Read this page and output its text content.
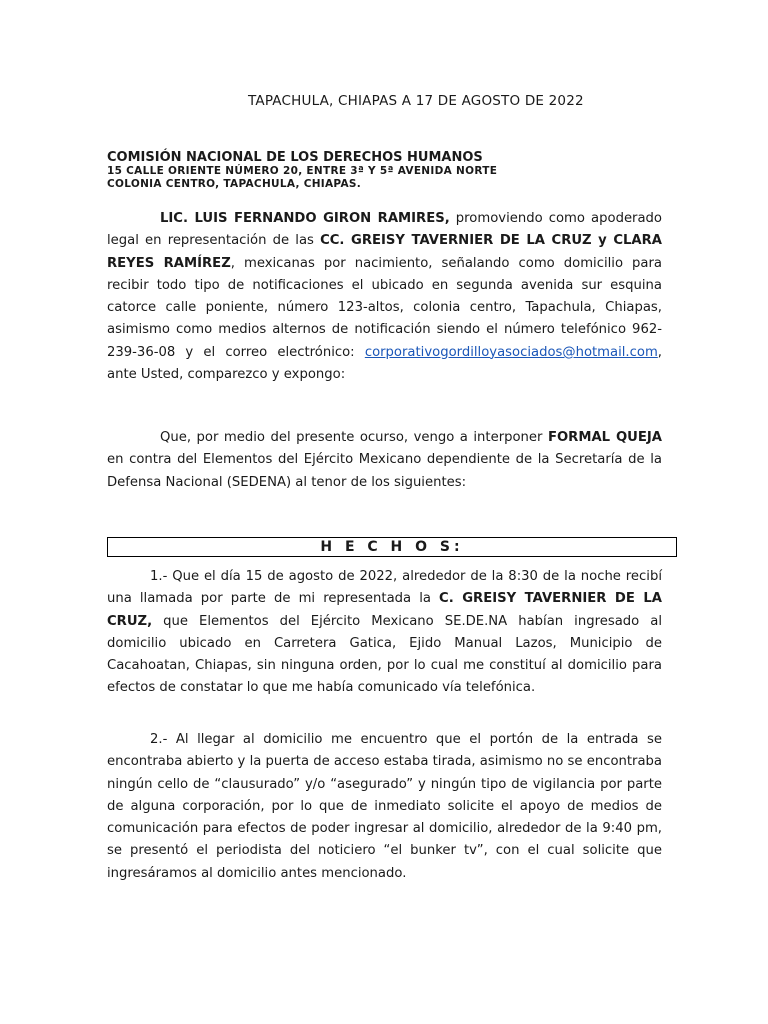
TAPACHULA, CHIAPAS A 17 DE AGOSTO DE 2022
COMISIÓN NACIONAL DE LOS DERECHOS HUMANOS
15 CALLE ORIENTE NÚMERO 20, ENTRE 3ª Y 5ª AVENIDA NORTE
COLONIA CENTRO, TAPACHULA, CHIAPAS.

LIC. LUIS FERNANDO GIRON RAMIRES, promoviendo como apoderado legal en representación de las CC. GREISY TAVERNIER DE LA CRUZ y CLARA REYES RAMÍREZ, mexicanas por nacimiento, señalando como domicilio para recibir todo tipo de notificaciones el ubicado en segunda avenida sur esquina catorce calle poniente, número 123-altos, colonia centro, Tapachula, Chiapas, asimismo como medios alternos de notificación siendo el número telefónico 962-239-36-08 y el correo electrónico: corporativogordilloyasociados@hotmail.com, ante Usted, comparezco y expongo:

Que, por medio del presente ocurso, vengo a interponer FORMAL QUEJA en contra del Elementos del Ejército Mexicano dependiente de la Secretaría de la Defensa Nacional (SEDENA) al tenor de los siguientes:

H E C H O S:

1.- Que el día 15 de agosto de 2022, alrededor de la 8:30 de la noche recibí una llamada por parte de mi representada la C. GREISY TAVERNIER DE LA CRUZ, que Elementos del Ejército Mexicano SE.DE.NA habían ingresado al domicilio ubicado en Carretera Gatica, Ejido Manual Lazos, Municipio de Cacahoatan, Chiapas, sin ninguna orden, por lo cual me constituí al domicilio para efectos de constatar lo que me había comunicado vía telefónica.

2.- Al llegar al domicilio me encuentro que el portón de la entrada se encontraba abierto y la puerta de acceso estaba tirada, asimismo no se encontraba ningún cello de “clausurado” y/o “asegurado” y ningún tipo de vigilancia por parte de alguna corporación, por lo que de inmediato solicite el apoyo de medios de comunicación para efectos de poder ingresar al domicilio, alrededor de la 9:40 pm, se presentó el periodista del noticiero “el bunker tv”, con el cual solicite que ingresáramos al domicilio antes mencionado.
